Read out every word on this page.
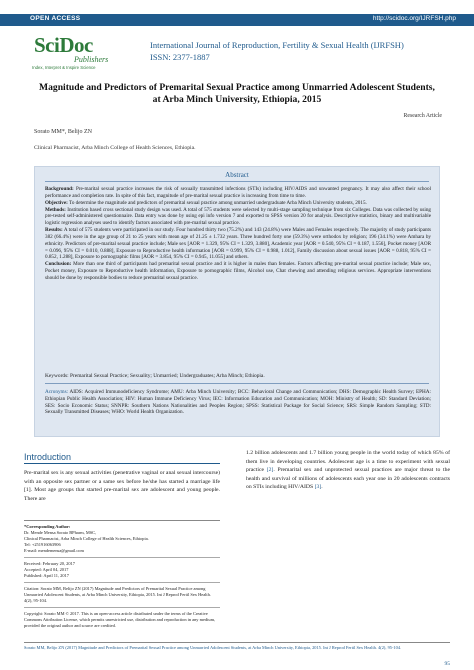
OPEN ACCESS	http://scidoc.org/IJRFSH.php
SciDoc
Publishers
Index, Interpret & Inspire Science
International Journal of Reproduction, Fertility & Sexual Health (IJRFSH)
ISSN: 2377-1887
Magnitude and Predictors of Premarital Sexual Practice among Unmarried Adolescent Students,
at Arba Minch University, Ethiopia, 2015
Research Article
Sorato MM*, Belijo ZN
Clinical Pharmacist, Arba Minch College of Health Sciences, Ethiopia.
Abstract

Background: Pre-marital sexual practice increases the risk of sexually transmitted infections (STIs) including HIV/AIDS and unwanted pregnancy. It may also affect their school performance and completion rate. In spite of this fact, magnitude of pre-marital sexual practice is increasing from time to time.

Objective: To determine the magnitude and predictors of premarital sexual practice among unmarried undergraduate Arba Minch University students, 2015.

Methods: Institution based cross sectional study design was used. A total of 575 students were selected by multi-stage sampling technique from six Colleges. Data was collected by using pre-tested self-administered questionnaire. Data entry was done by using epi info version 7 and exported to SPSS version 20 for analysis. Descriptive statistics, binary and multivariable logistic regression analyses used to identify factors associated with pre-marital sexual practice.

Results: A total of 575 students were participated in our study. Four hundred thirty two (75.2%) and 143 (24.8%) were Males and Females respectively. The majority of study participants 382 (66.4%) were in the age group of 21 to 25 years with mean age of 21.25 ± 1.732 years. Three hundred forty one (59.3%) were orthodox by religion; 196 (34.1%) were Amhara by ethnicity. Predictors of pre-marital sexual practice include; Male sex [AOR = 1.329, 95% CI = 1.329, 3.880], Academic year [AOR = 0.540, 95% CI = 0.187, 1.556], Pocket money [AOR = 0.096, 95% CI = 0.010, 0.888], Exposure to Reproductive health information [AOR = 0.999, 95% CI = 0.988, 1.012], Family discussion about sexual issues [AOR = 0.818, 95% CI = 0.852, 1.288], Exposure to pornographic films [AOR = 3.854, 95% CI = 0.945, 11.055] and others.

Conclusion: More than one third of participants had premarital sexual practice and it is higher in males than females. Factors affecting pre-marital sexual practice include; Male sex, Pocket money, Exposure to Reproductive health information, Exposure to pornographic films, Alcohol use, Chat chewing and attending religious services. Appropriate interventions should be done by responsible bodies to reduce premarital sexual practice.

Keywords: Premarital Sexual Practice; Sexuality; Unmarried; Undergraduates; Arba Minch; Ethiopia.
Acronyms: AIDS: Acquired Immunodeficiency Syndrome; AMU: Arba Minch University; BCC: Behavioral Change and Communication; DHS: Demographic Health Survey; EPHA: Ethiopian Public Health Association; HIV: Human Immune Deficiency Virus; IEC: Information Education and Communication; MOH: Ministry of Health; SD: Standard Deviation; SES: Socio Economic Status; SNNPR: Southern Nations Nationalities and Peoples Region; SPSS: Statistical Package for Social Science; SRS: Simple Random Sampling; STD: Sexually Transmitted Diseases; WHO: World Health Organization.
Introduction
Pre-marital sex is any sexual activities (penetrative vaginal or anal sexual intercourse) with an opposite sex partner or a same sex before he/she has started a marriage life [1]. Most age groups that started pre-marital sex are adolescent and young people. There are
1.2 billion adolescents and 1.7 billion young people in the world today of which 85% of them live in developing countries. Adolescent age is a time to experiment with sexual practice [2]. Premarital sex and unprotected sexual practices are major threat to the health and survival of millions of adolescents each year one in 20 adolescents contracts on STIs including HIV/AIDS [3].
*Corresponding Author:
Dr. Mende Mensa Sorato BPharm, MSC,
Clinical Pharmacist, Arba Minch College of Health Sciences, Ethiopia.
Tel: +251916063906
E-mail: mendemensa@gmail.com
Received: February 20, 2017
Accepted: April 04, 2017
Published: April 11, 2017
Citation: Sorato MM, Belijo ZN (2017) Magnitude and Predictors of Premarital Sexual Practice among Unmarried Adolescent Students, at Arba Minch University, Ethiopia, 2015. Int J Reprod Fertil Sex Health. 4(2), 95-104.
Copyright: Sorato MM © 2017. This is an open-access article distributed under the terms of the Creative Commons Attribution License, which permits unrestricted use, distribution and reproduction in any medium, provided the original author and source are credited.
Sorato MM, Belijo ZN (2017) Magnitude and Predictors of Premarital Sexual Practice among Unmarried Adolescent Students, at Arba Minch University, Ethiopia, 2015. Int J Reprod Fertil Sex Health. 4(2), 95-104.
95
